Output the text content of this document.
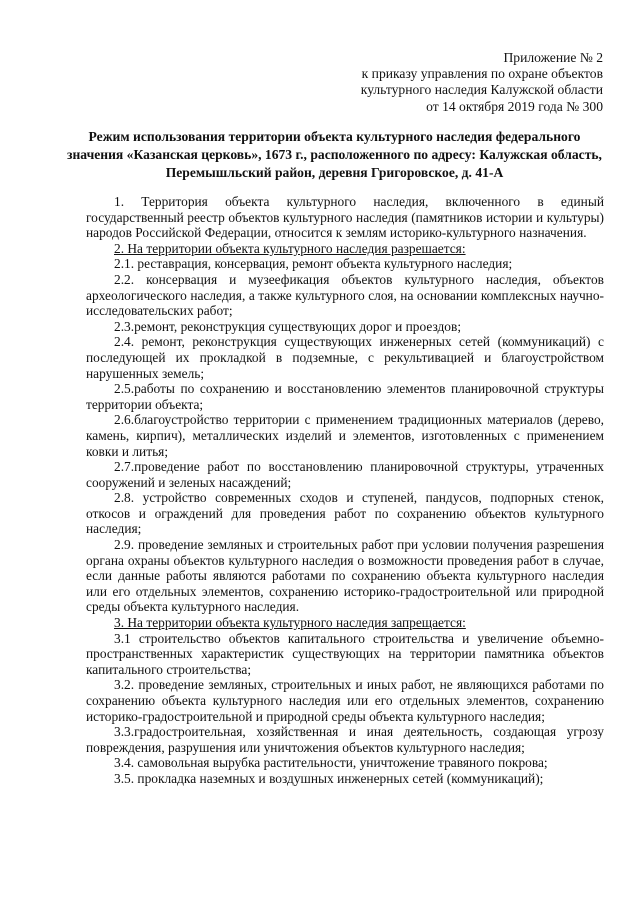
Приложение № 2
к приказу управления по охране объектов
культурного наследия Калужской области
от 14 октября 2019 года № 300
Режим использования территории объекта культурного наследия федерального значения «Казанская церковь», 1673 г., расположенного по адресу: Калужская область, Перемышльский район, деревня Григоровское, д. 41-А

1. Территория объекта культурного наследия, включенного в единый государственный реестр объектов культурного наследия (памятников истории и культуры) народов Российской Федерации, относится к землям историко-культурного назначения.

2. На территории объекта культурного наследия разрешается:

2.1. реставрация, консервация, ремонт объекта культурного наследия;

2.2. консервация и музеефикация объектов культурного наследия, объектов археологического наследия, а также культурного слоя, на основании комплексных научно-исследовательских работ;

2.3.ремонт, реконструкция существующих дорог и проездов;

2.4. ремонт, реконструкция существующих инженерных сетей (коммуникаций) с последующей их прокладкой в подземные, с рекультивацией и благоустройством нарушенных земель;

2.5.работы по сохранению и восстановлению элементов планировочной структуры территории объекта;

2.6.благоустройство территории с применением традиционных материалов (дерево, камень, кирпич), металлических изделий и элементов, изготовленных с применением ковки и литья;

2.7.проведение работ по восстановлению планировочной структуры, утраченных сооружений и зеленых насаждений;

2.8. устройство современных сходов и ступеней, пандусов, подпорных стенок, откосов и ограждений для проведения работ по сохранению объектов культурного наследия;

2.9. проведение земляных и строительных работ при условии получения разрешения органа охраны объектов культурного наследия о возможности проведения работ в случае, если данные работы являются работами по сохранению объекта культурного наследия или его отдельных элементов, сохранению историко-градостроительной или природной среды объекта культурного наследия.

3. На территории объекта культурного наследия запрещается:

3.1 строительство объектов капитального строительства и увеличение объемно-пространственных характеристик существующих на территории памятника объектов капитального строительства;

3.2. проведение земляных, строительных и иных работ, не являющихся работами по сохранению объекта культурного наследия или его отдельных элементов, сохранению историко-градостроительной и природной среды объекта культурного наследия;

3.3.градостроительная, хозяйственная и иная деятельность, создающая угрозу повреждения, разрушения или уничтожения объектов культурного наследия;

3.4. самовольная вырубка растительности, уничтожение травяного покрова;

3.5. прокладка наземных и воздушных инженерных сетей (коммуникаций);
